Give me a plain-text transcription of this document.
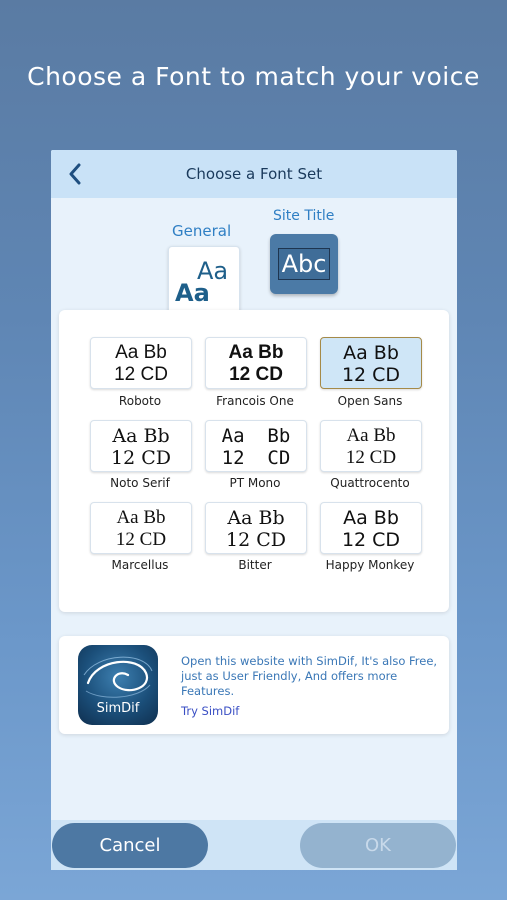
Choose a Font to match your voice
Choose a Font Set
Site Title
General
Aa
Aa
Abc
Aa Bb
12 CD
Roboto
Aa Bb
12 CD
Francois One
Aa Bb
12 CD
Open Sans
Aa Bb
12 CD
Noto Serif

Aa  Bb

12  CD

PT Mono
Aa Bb
12 CD
Quattrocento
Aa Bb
12 CD
Marcellus
Aa Bb
12 CD
Bitter
Aa Bb
12 CD
Happy Monkey
SimDif
Open this website with SimDif, It's also Free, just as User Friendly, And offers more Features.
Try SimDif
Cancel	OK
